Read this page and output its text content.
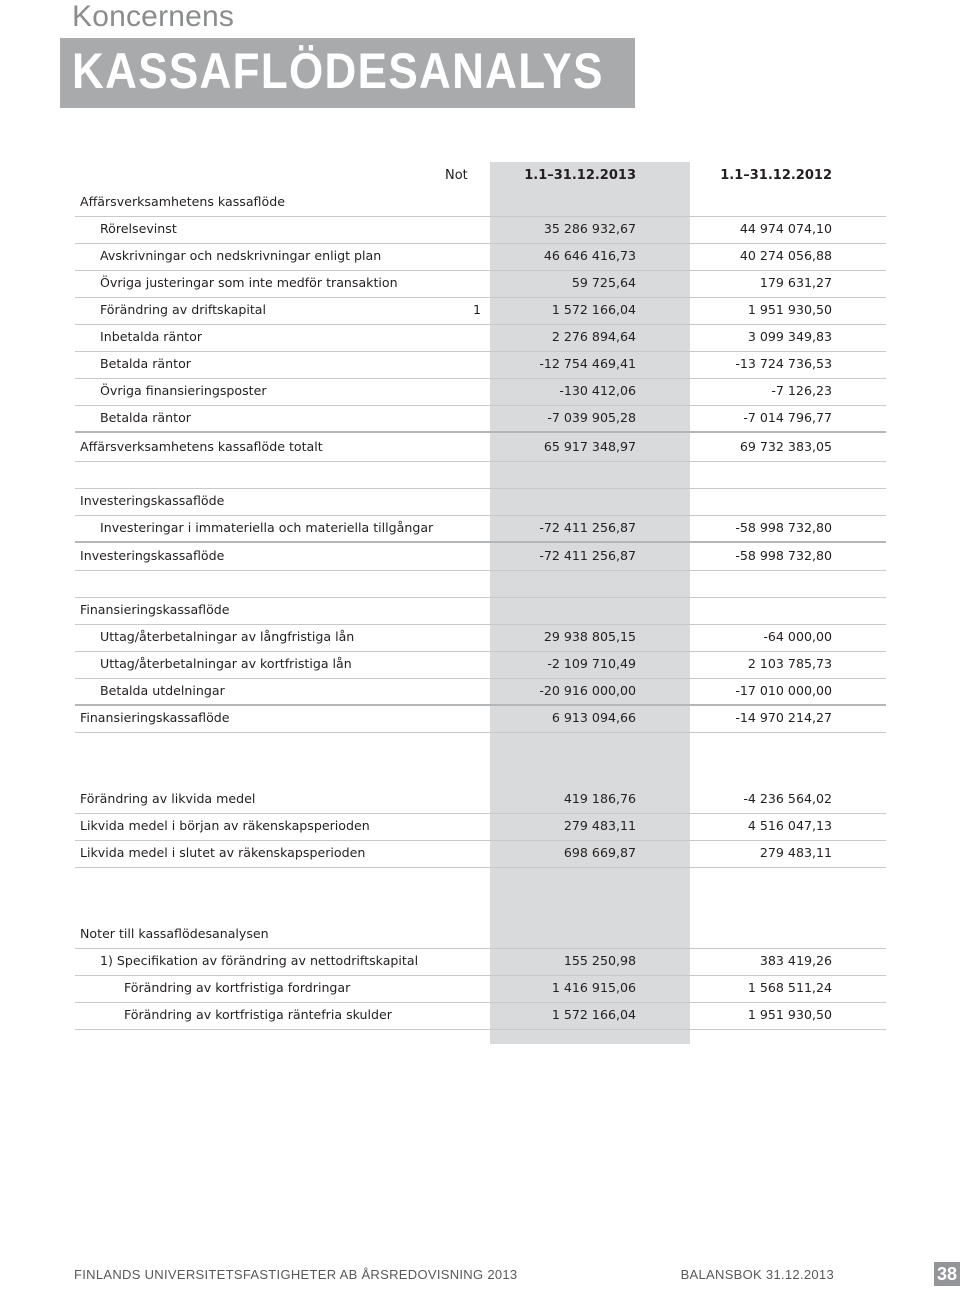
Koncernens
KASSAFLÖDESANALYS
Not	1.1–31.12.2013	1.1–31.12.2012
Affärsverksamhetens kassaflöde
Rörelsevinst	35 286 932,67	44 974 074,10
Avskrivningar och nedskrivningar enligt plan	46 646 416,73	40 274 056,88
Övriga justeringar som inte medför transaktion	59 725,64	179 631,27
Förändring av driftskapital	1	1 572 166,04	1 951 930,50
Inbetalda räntor	2 276 894,64	3 099 349,83
Betalda räntor	-12 754 469,41	-13 724 736,53
Övriga finansieringsposter	-130 412,06	-7 126,23
Betalda räntor	-7 039 905,28	-7 014 796,77
Affärsverksamhetens kassaflöde totalt	65 917 348,97	69 732 383,05
Investeringskassaflöde
Investeringar i immateriella och materiella tillgångar	-72 411 256,87	-58 998 732,80
Investeringskassaflöde	-72 411 256,87	-58 998 732,80
Finansieringskassaflöde
Uttag/återbetalningar av långfristiga lån	29 938 805,15	-64 000,00
Uttag/återbetalningar av kortfristiga lån	-2 109 710,49	2 103 785,73
Betalda utdelningar	-20 916 000,00	-17 010 000,00
Finansieringskassaflöde	6 913 094,66	-14 970 214,27
Förändring av likvida medel	419 186,76	-4 236 564,02
Likvida medel i början av räkenskapsperioden	279 483,11	4 516 047,13
Likvida medel i slutet av räkenskapsperioden	698 669,87	279 483,11
Noter till kassaflödesanalysen
1) Specifikation av förändring av nettodriftskapital	155 250,98	383 419,26
Förändring av kortfristiga fordringar	1 416 915,06	1 568 511,24
Förändring av kortfristiga räntefria skulder	1 572 166,04	1 951 930,50
FINLANDS UNIVERSITETSFASTIGHETER AB ÅRSREDOVISNING 2013	BALANSBOK 31.12.2013	38
